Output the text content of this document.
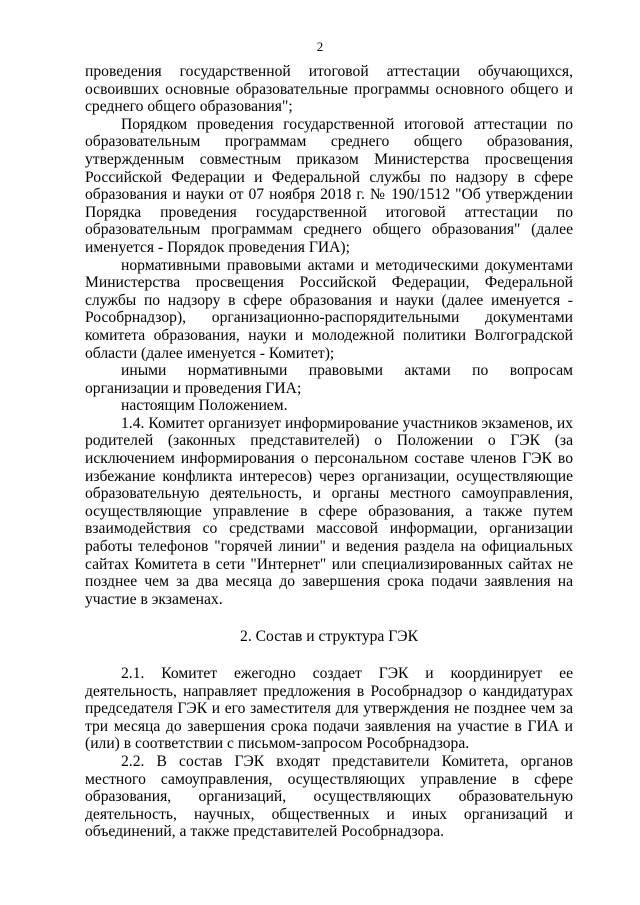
2

проведения государственной итоговой аттестации обучающихся, освоивших основные образовательные программы основного общего и среднего общего образования";

Порядком проведения государственной итоговой аттестации по образовательным программам среднего общего образования, утвержденным совместным приказом Министерства просвещения Российской Федерации и Федеральной службы по надзору в сфере образования и науки от 07 ноября 2018 г. № 190/1512 "Об утверждении Порядка проведения государственной итоговой аттестации по образовательным программам среднего общего образования" (далее именуется - Порядок проведения ГИА);

нормативными правовыми актами и методическими документами Министерства просвещения Российской Федерации, Федеральной службы по надзору в сфере образования и науки (далее именуется - Рособрнадзор), организационно-распорядительными документами комитета образования, науки и молодежной политики Волгоградской области (далее именуется - Комитет);

иными нормативными правовыми актами по вопросам организации и проведения ГИА;

настоящим Положением.

1.4. Комитет организует информирование участников экзаменов, их родителей (законных представителей) о Положении о ГЭК (за исключением информирования о персональном составе членов ГЭК во избежание конфликта интересов) через организации, осуществляющие образовательную деятельность, и органы местного самоуправления, осуществляющие управление в сфере образования, а также путем взаимодействия со средствами массовой информации, организации работы телефонов "горячей линии" и ведения раздела на официальных сайтах Комитета в сети "Интернет" или специализированных сайтах не позднее чем за два месяца до завершения срока подачи заявления на участие в экзаменах.

2. Состав и структура ГЭК

2.1. Комитет ежегодно создает ГЭК и координирует ее деятельность, направляет предложения в Рособрнадзор о кандидатурах председателя ГЭК и его заместителя для утверждения не позднее чем за три месяца до завершения срока подачи заявления на участие в ГИА и (или) в соответствии с письмом-запросом Рособрнадзора.

2.2. В состав ГЭК входят представители Комитета, органов местного самоуправления, осуществляющих управление в сфере образования, организаций, осуществляющих образовательную деятельность, научных, общественных и иных организаций и объединений, а также представителей Рособрнадзора.
